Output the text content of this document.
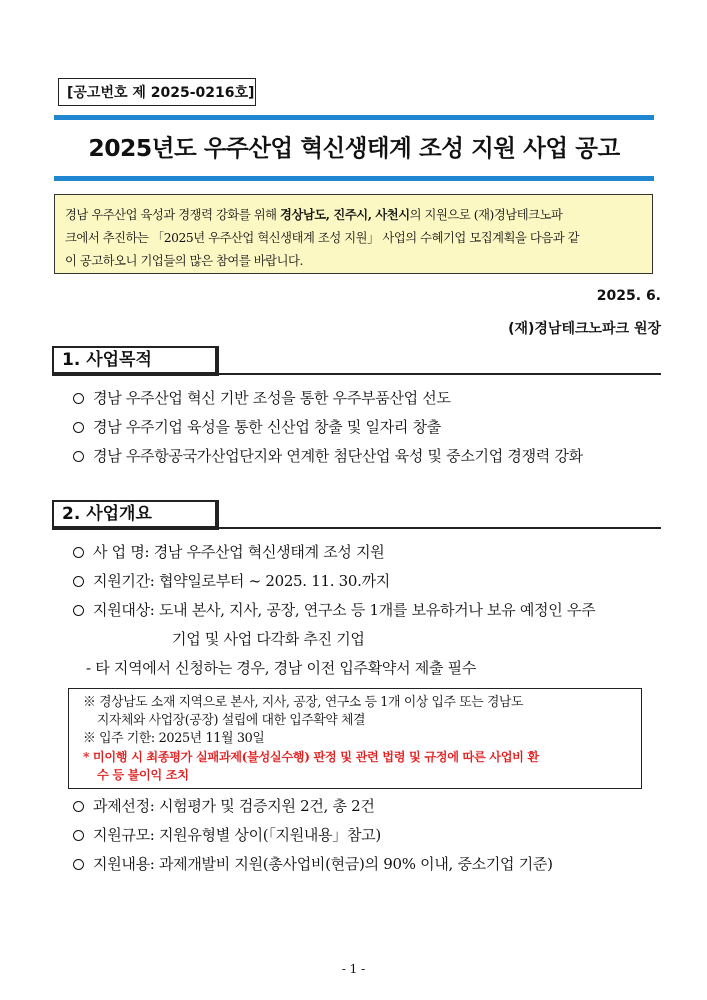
[공고번호 제 2025-0216호]
2025년도 우주산업 혁신생태계 조성 지원 사업 공고
경남 우주산업 육성과 경쟁력 강화를 위해 경상남도, 진주시, 사천시의 지원으로 (재)경남테크노파
크에서 추진하는 「2025년 우주산업 혁신생태계 조성 지원」 사업의 수혜기업 모집계획을 다음과 같
이 공고하오니 기업들의 많은 참여를 바랍니다.
2025. 6.
(재)경남테크노파크 원장
1. 사업목적
경남 우주산업 혁신 기반 조성을 통한 우주부품산업 선도
경남 우주기업 육성을 통한 신산업 창출 및 일자리 창출
경남 우주항공국가산업단지와 연계한 첨단산업 육성 및 중소기업 경쟁력 강화
2. 사업개요
사 업 명: 경남 우주산업 혁신생태계 조성 지원
지원기간: 협약일로부터 ~ 2025. 11. 30.까지
지원대상: 도내 본사, 지사, 공장, 연구소 등 1개를 보유하거나 보유 예정인 우주
기업 및 사업 다각화 추진 기업
- 타 지역에서 신청하는 경우, 경남 이전 입주확약서 제출 필수
※ 경상남도 소재 지역으로 본사, 지사, 공장, 연구소 등 1개 이상 입주 또는 경남도
지자체와 사업장(공장) 설립에 대한 입주확약 체결
※ 입주 기한: 2025년 11월 30일
* 미이행 시 최종평가 실패과제(불성실수행) 판정 및 관련 법령 및 규정에 따른 사업비 환
수 등 불이익 조치
과제선정: 시험평가 및 검증지원 2건, 총 2건
지원규모: 지원유형별 상이(「지원내용」참고)
지원내용: 과제개발비 지원(총사업비(현금)의 90% 이내, 중소기업 기준)
- 1 -
